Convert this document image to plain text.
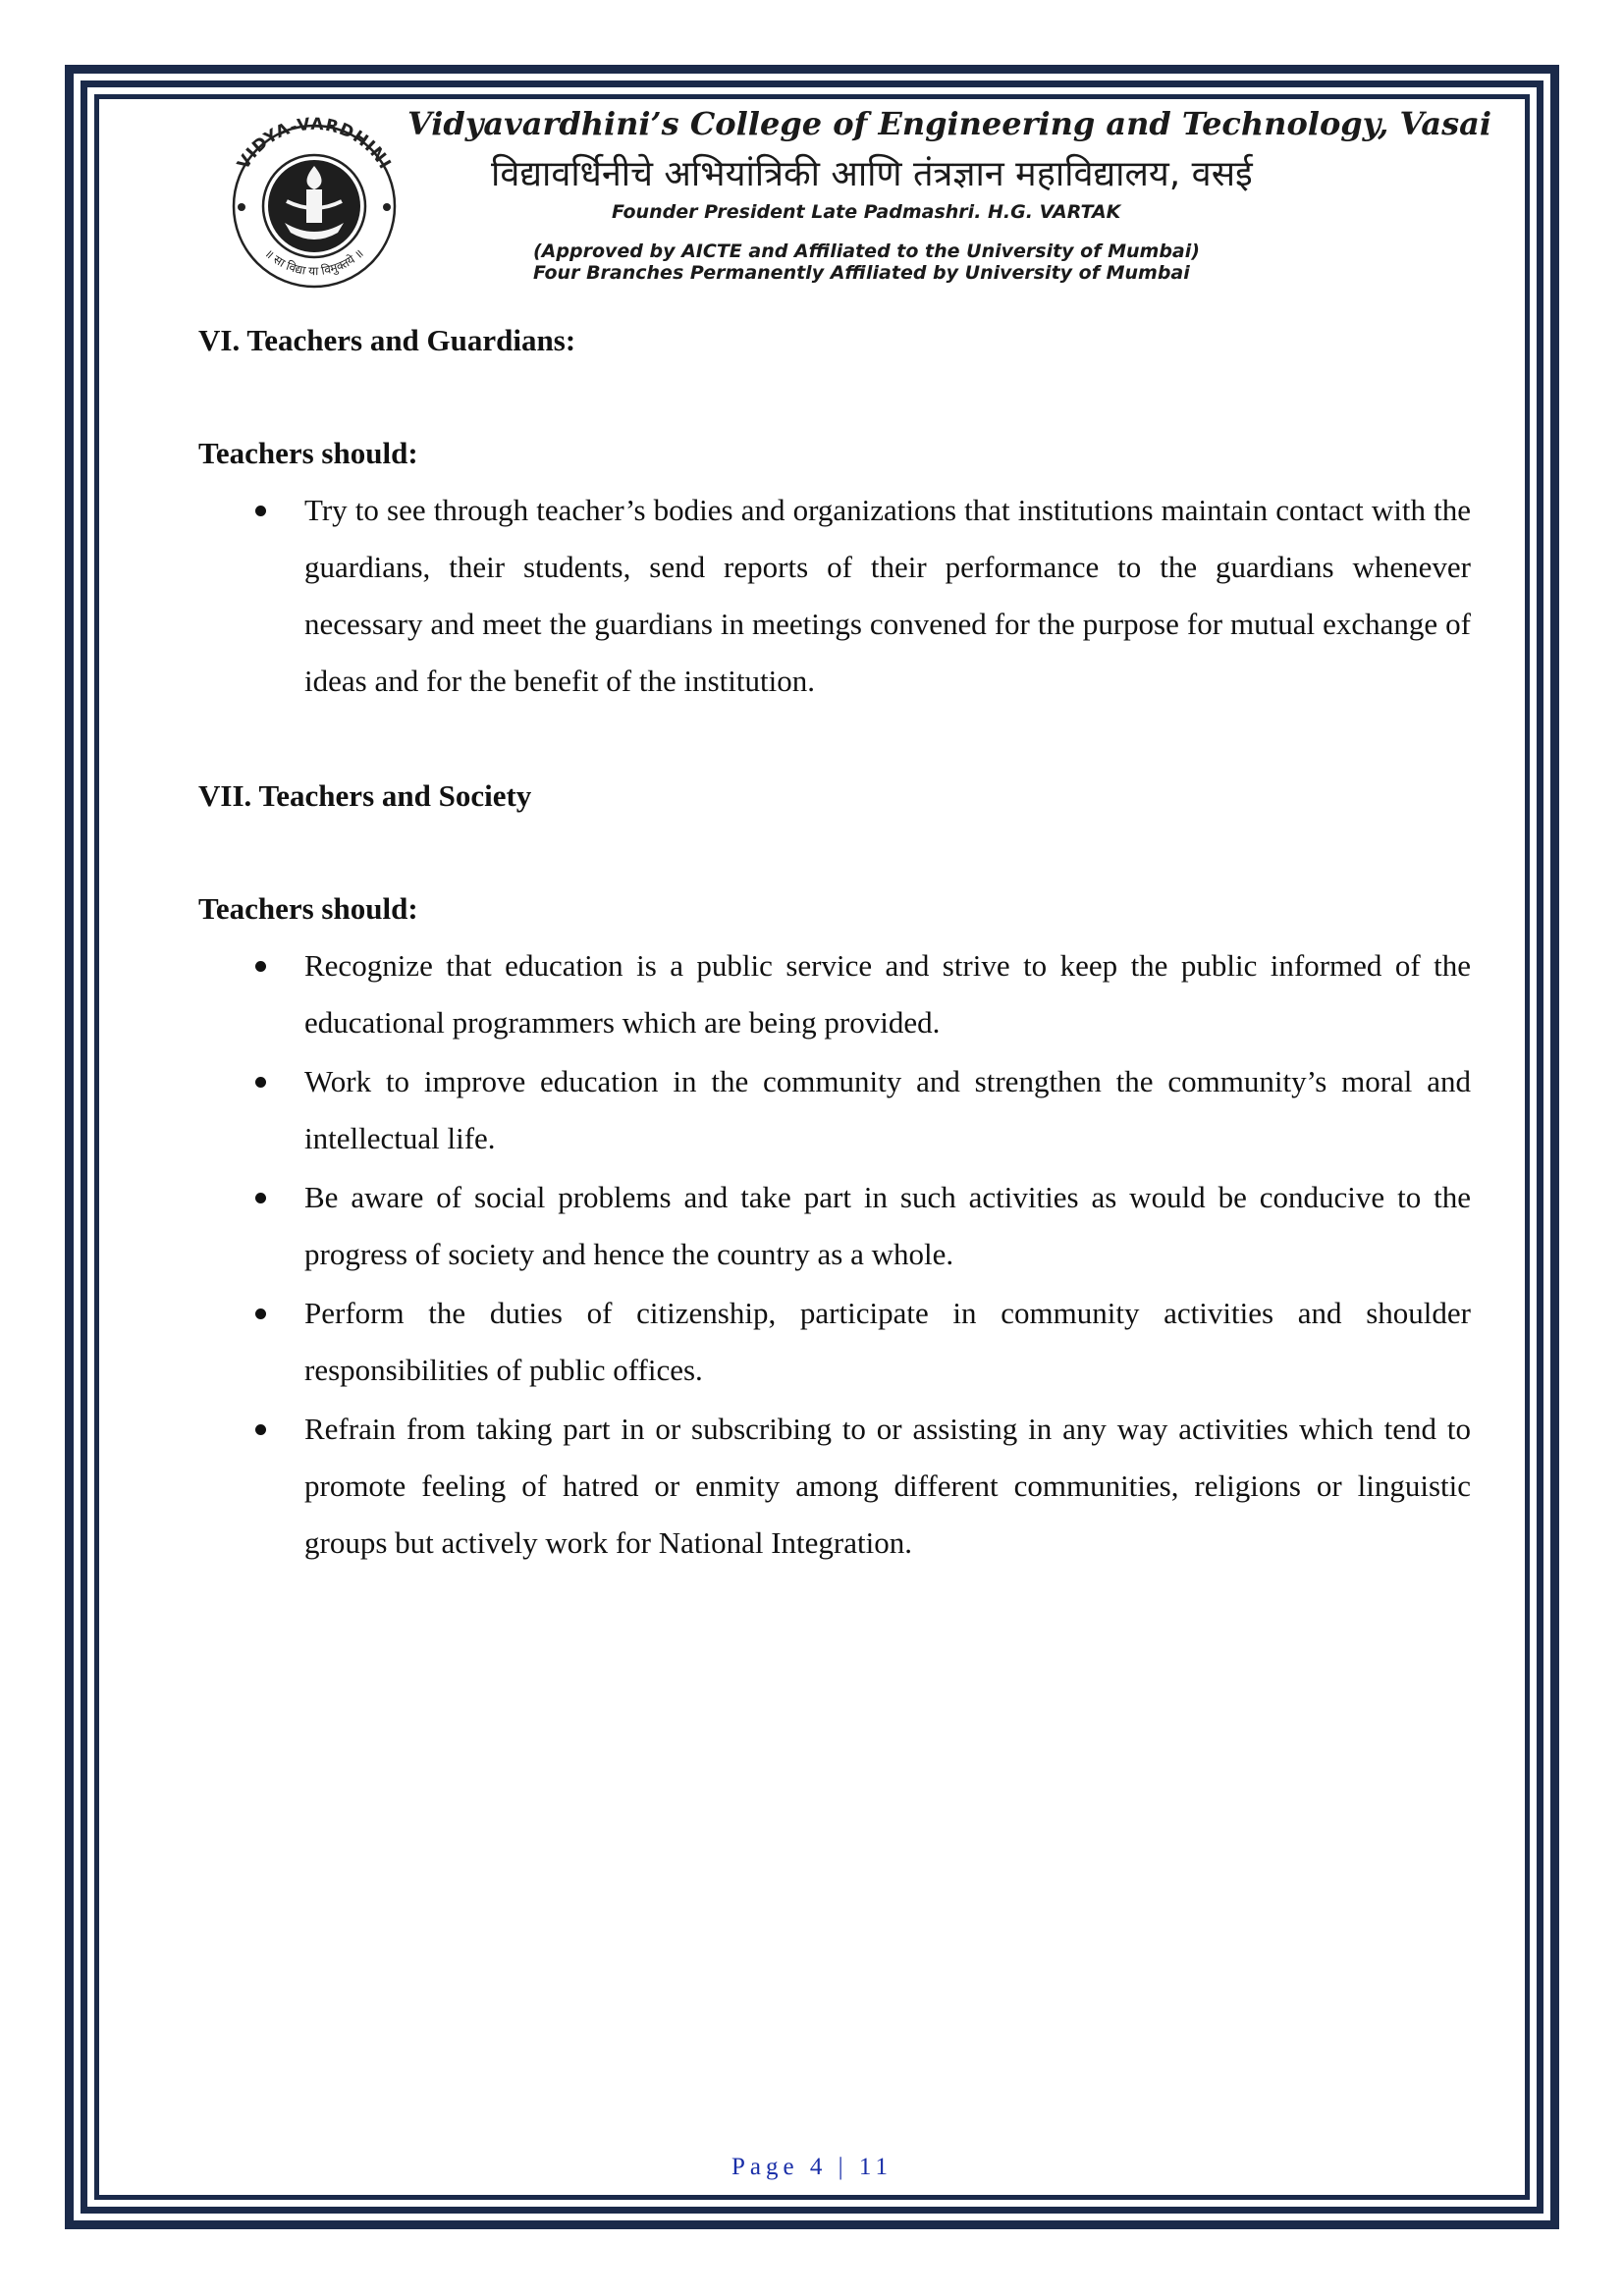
VIDYA-VARDHINI
॥ सा विद्या या विमुक्तये ॥
Vidyavardhini’s College of Engineering and Technology, Vasai
विद्यावर्धिनीचे अभियांत्रिकी आणि तंत्रज्ञान महाविद्यालय, वसई
Founder President Late Padmashri. H.G. VARTAK
(Approved by AICTE and Affiliated to the University of Mumbai)
Four Branches Permanently Affiliated by University of Mumbai

VI. Teachers and Guardians:

Teachers should:

Try to see through teacher’s bodies and organizations that institutions maintain contact with the guardians, their students, send reports of their performance to the guardians whenever necessary and meet the guardians in meetings convened for the purpose for mutual exchange of ideas and for the benefit of the institution.

VII. Teachers and Society

Teachers should:

Recognize that education is a public service and strive to keep the public informed of the educational programmers which are being provided.
Work to improve education in the community and strengthen the community’s moral and intellectual life.
Be aware of social problems and take part in such activities as would be conducive to the progress of society and hence the country as a whole.
Perform the duties of citizenship, participate in community activities and shoulder responsibilities of public offices.
Refrain from taking part in or subscribing to or assisting in any way activities which tend to promote feeling of hatred or enmity among different communities, religions or linguistic groups but actively work for National Integration.
Page 4 | 11
